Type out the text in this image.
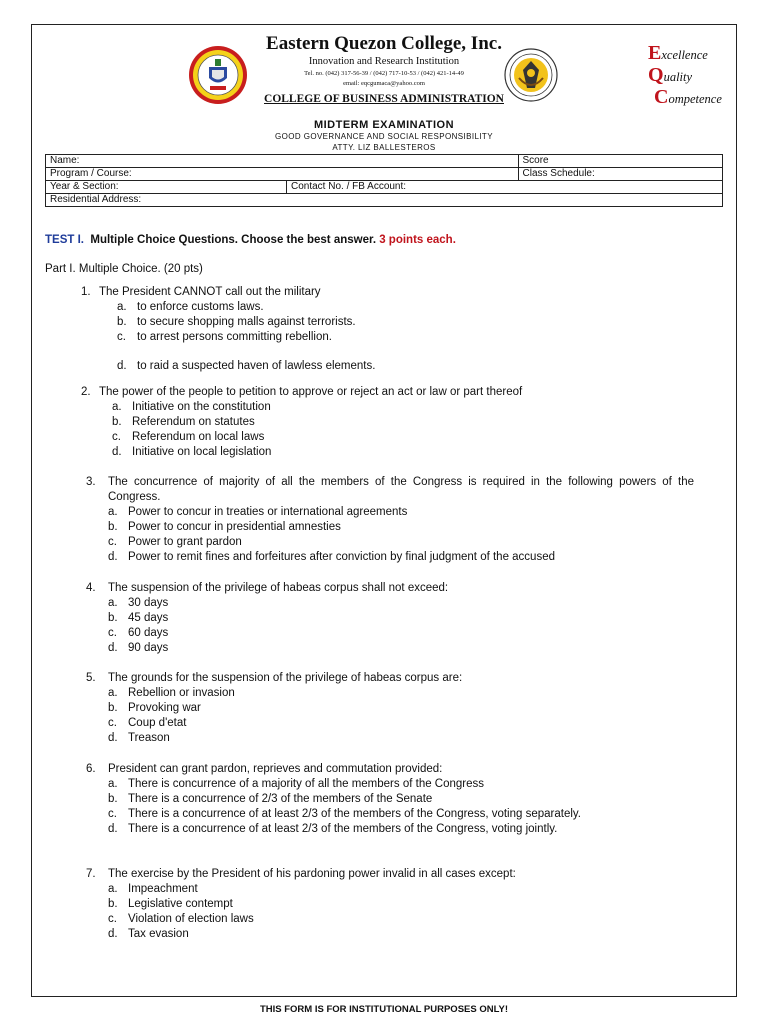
Eastern Quezon College, Inc.
Innovation and Research Institution
Tel. no. (042) 317-56-39 / (042) 717-10-53 / (042) 421-14-49
email: eqcgumaca@yahoo.com
COLLEGE OF BUSINESS ADMINISTRATION
Excellence
Quality
Competence
MIDTERM EXAMINATION
GOOD GOVERNANCE AND SOCIAL RESPONSIBILITY
ATTY. LIZ BALLESTEROS
Name:		Score
Program / Course:		Class Schedule:
Year & Section:	Contact No. / FB Account:	
Residential Address:		
TEST I. Multiple Choice Questions. Choose the best answer. 3 points each.
Part I. Multiple Choice. (20 pts)
1. The President CANNOT call out the military
a. to enforce customs laws.
b. to secure shopping malls against terrorists.
c. to arrest persons committing rebellion.
d. to raid a suspected haven of lawless elements.
2. The power of the people to petition to approve or reject an act or law or part thereof
a. Initiative on the constitution
b. Referendum on statutes
c. Referendum on local laws
d. Initiative on local legislation
3.	The concurrence of majority of all the members of the Congress is required in the following powers of the Congress.
a. Power to concur in treaties or international agreements
b. Power to concur in presidential amnesties
c. Power to grant pardon
d. Power to remit fines and forfeitures after conviction by final judgment of the accused
4.	The suspension of the privilege of habeas corpus shall not exceed:
a. 30 days
b. 45 days
c. 60 days
d. 90 days
5.	The grounds for the suspension of the privilege of habeas corpus are:
a. Rebellion or invasion
b. Provoking war
c. Coup d'etat
d. Treason
6.	President can grant pardon, reprieves and commutation provided:
a. There is concurrence of a majority of all the members of the Congress
b. There is a concurrence of 2/3 of the members of the Senate
c. There is a concurrence of at least 2/3 of the members of the Congress, voting separately.
d. There is a concurrence of at least 2/3 of the members of the Congress, voting jointly.
7.	The exercise by the President of his pardoning power invalid in all cases except:
a. Impeachment
b. Legislative contempt
c. Violation of election laws
d. Tax evasion
THIS FORM IS FOR INSTITUTIONAL PURPOSES ONLY!
